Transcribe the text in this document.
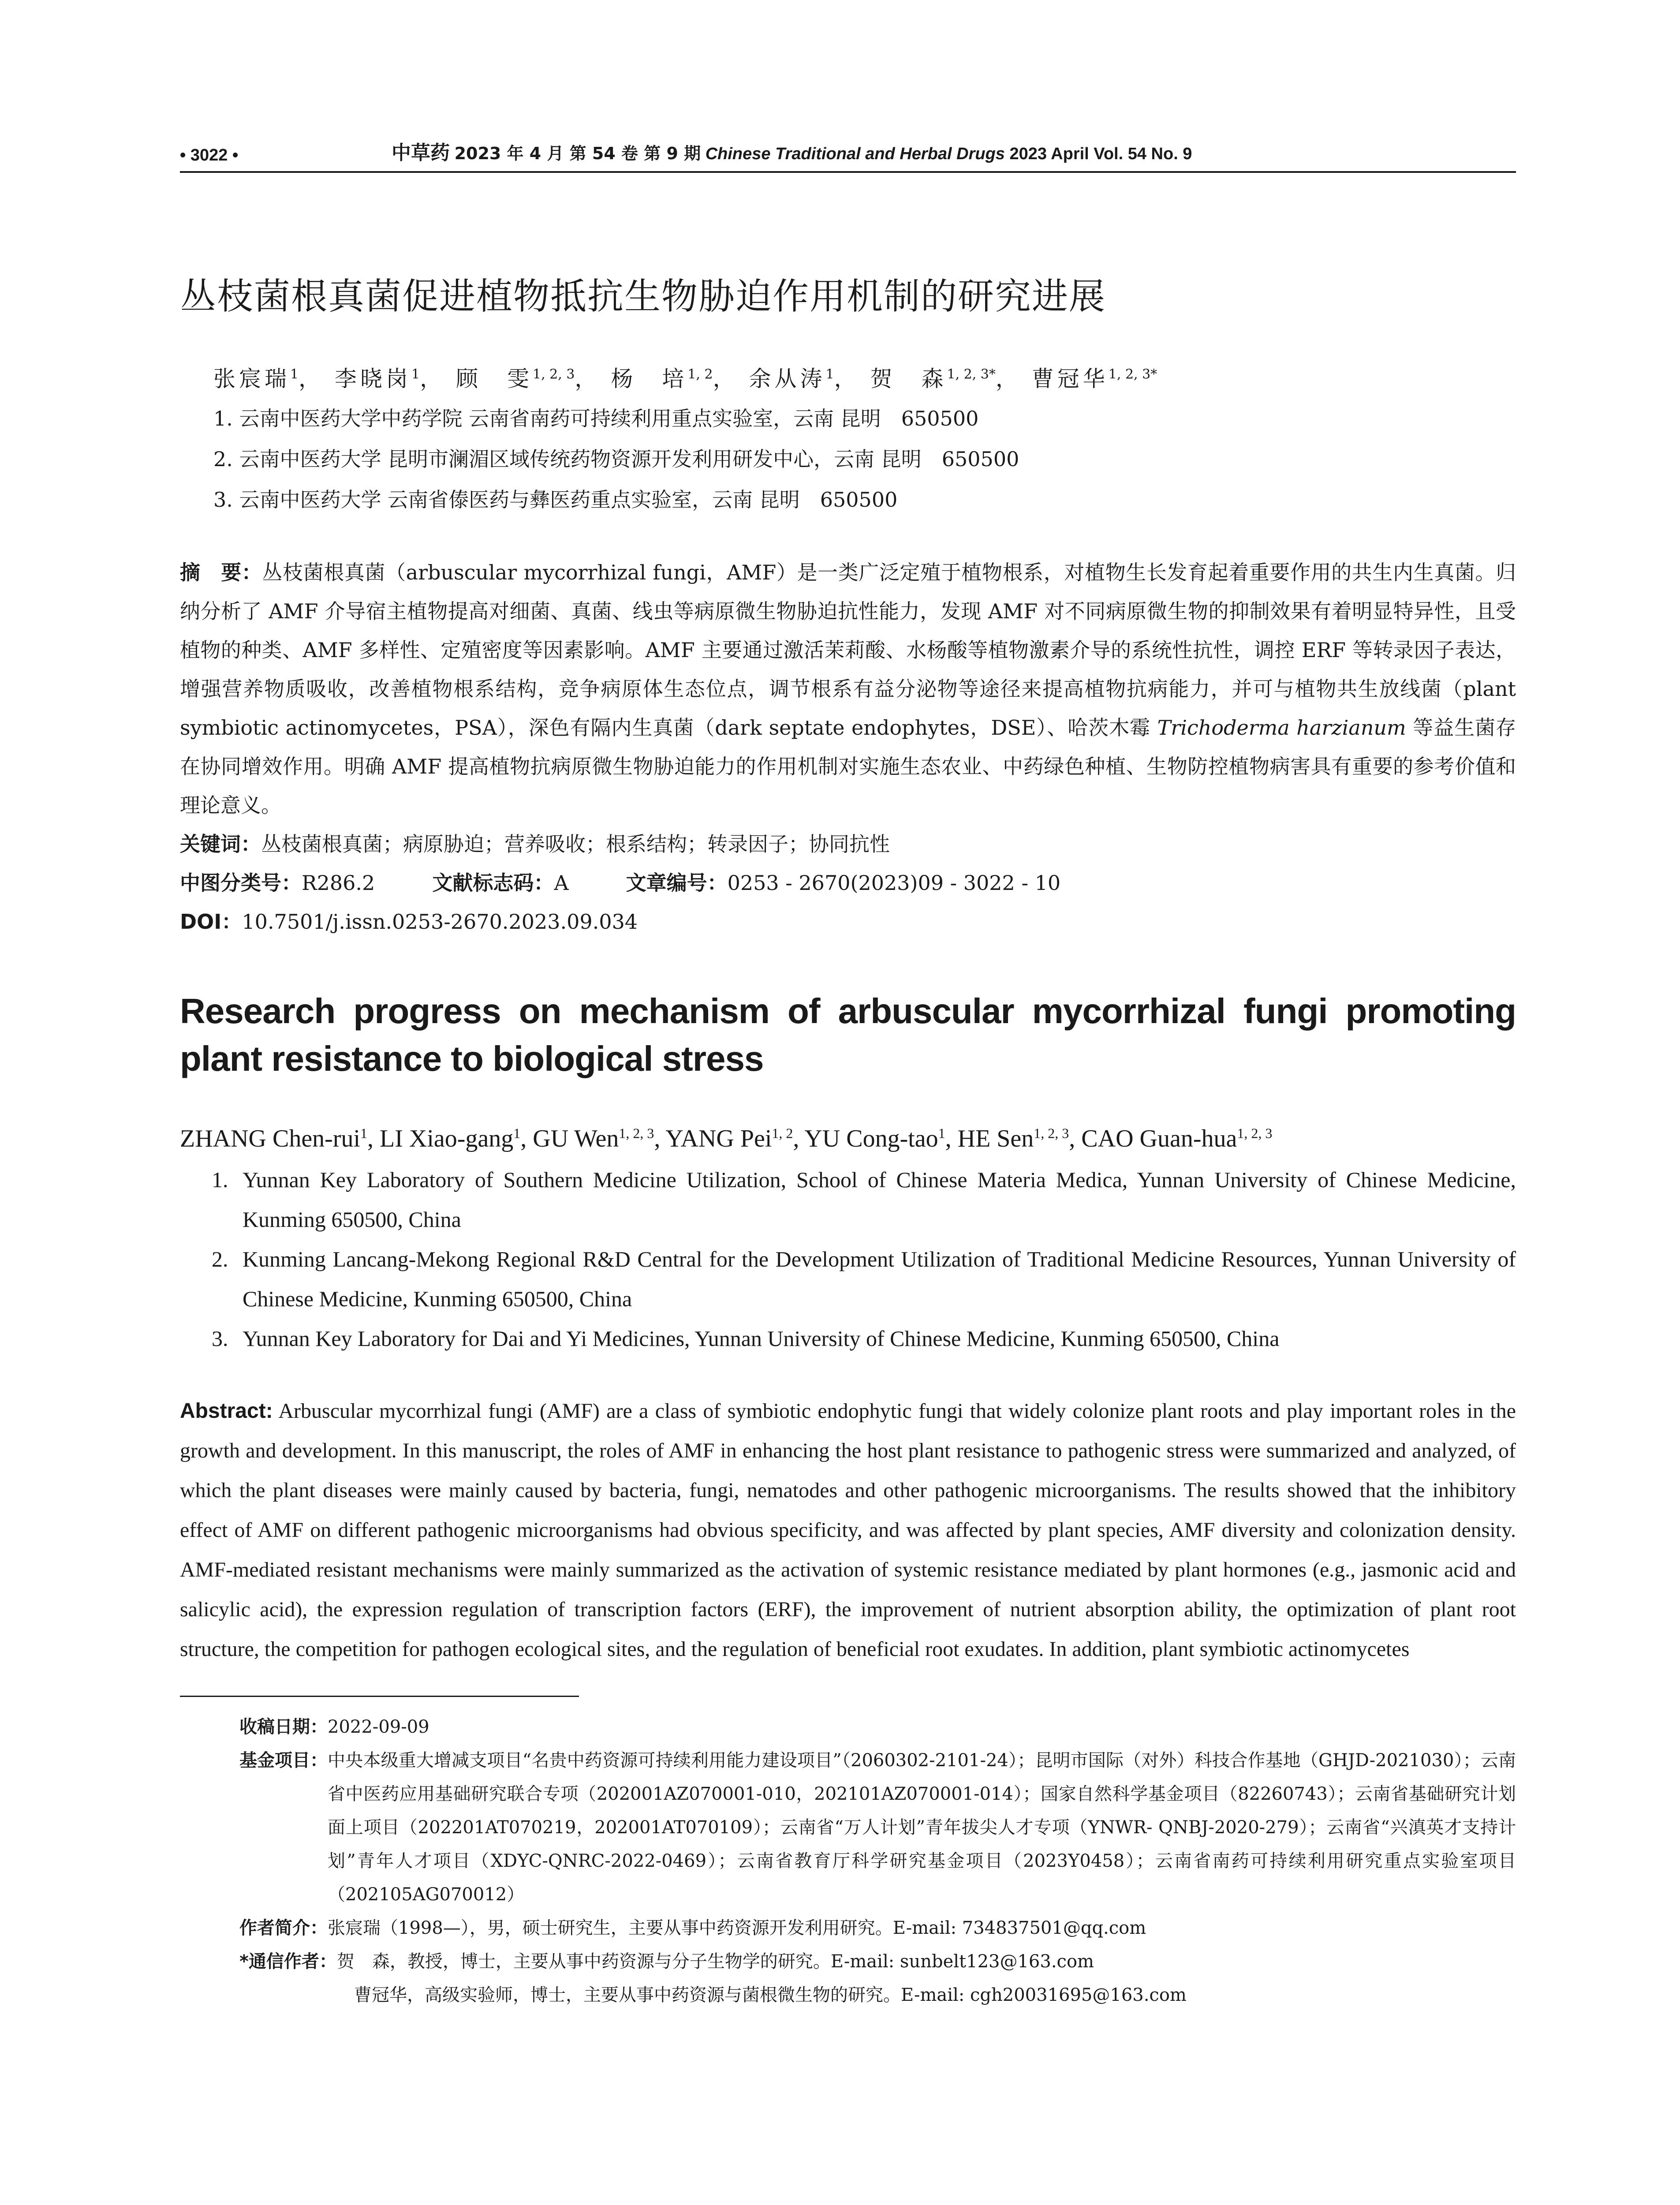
• 3022 •	中草药 2023 年 4 月 第 54 卷 第 9 期 Chinese Traditional and Herbal Drugs 2023 April Vol. 54 No. 9
丛枝菌根真菌促进植物抵抗生物胁迫作用机制的研究进展
张宸瑞$^1$， 李晓岗$^1$， 顾　雯$^{1, 2, 3}$， 杨　培$^{1, 2}$， 余从涛$^1$， 贺　森$^{1, 2, 3*}$， 曹冠华$^{1, 2, 3*}$
1. 云南中医药大学中药学院 云南省南药可持续利用重点实验室，云南 昆明　650500
2. 云南中医药大学 昆明市澜湄区域传统药物资源开发利用研发中心，云南 昆明　650500
3. 云南中医药大学 云南省傣医药与彝医药重点实验室，云南 昆明　650500
摘　要：丛枝菌根真菌（arbuscular mycorrhizal fungi，AMF）是一类广泛定殖于植物根系，对植物生长发育起着重要作用的共生内生真菌。归纳分析了 AMF 介导宿主植物提高对细菌、真菌、线虫等病原微生物胁迫抗性能力，发现 AMF 对不同病原微生物的抑制效果有着明显特异性，且受植物的种类、AMF 多样性、定殖密度等因素影响。AMF 主要通过激活茉莉酸、水杨酸等植物激素介导的系统性抗性，调控 ERF 等转录因子表达，增强营养物质吸收，改善植物根系结构，竞争病原体生态位点，调节根系有益分泌物等途径来提高植物抗病能力，并可与植物共生放线菌（plant symbiotic actinomycetes，PSA），深色有隔内生真菌（dark septate endophytes，DSE）、哈茨木霉 Trichoderma harzianum 等益生菌存在协同增效作用。明确 AMF 提高植物抗病原微生物胁迫能力的作用机制对实施生态农业、中药绿色种植、生物防控植物病害具有重要的参考价值和理论意义。
关键词：丛枝菌根真菌；病原胁迫；营养吸收；根系结构；转录因子；协同抗性
中图分类号：R286.2	文献标志码：A	文章编号：0253 - 2670(2023)09 - 3022 - 10
DOI：10.7501/j.issn.0253-2670.2023.09.034
Research progress on mechanism of arbuscular mycorrhizal fungi promoting plant resistance to biological stress
ZHANG Chen-rui$^1$, LI Xiao-gang$^1$, GU Wen$^{1, 2, 3}$, YANG Pei$^{1, 2}$, YU Cong-tao$^1$, HE Sen$^{1, 2, 3}$, CAO Guan-hua$^{1, 2, 3}$
1. Yunnan Key Laboratory of Southern Medicine Utilization, School of Chinese Materia Medica, Yunnan University of Chinese Medicine, Kunming 650500, China
2. Kunming Lancang-Mekong Regional R&D Central for the Development Utilization of Traditional Medicine Resources, Yunnan University of Chinese Medicine, Kunming 650500, China
3. Yunnan Key Laboratory for Dai and Yi Medicines, Yunnan University of Chinese Medicine, Kunming 650500, China
Abstract: Arbuscular mycorrhizal fungi (AMF) are a class of symbiotic endophytic fungi that widely colonize plant roots and play important roles in the growth and development. In this manuscript, the roles of AMF in enhancing the host plant resistance to pathogenic stress were summarized and analyzed, of which the plant diseases were mainly caused by bacteria, fungi, nematodes and other pathogenic microorganisms. The results showed that the inhibitory effect of AMF on different pathogenic microorganisms had obvious specificity, and was affected by plant species, AMF diversity and colonization density. AMF-mediated resistant mechanisms were mainly summarized as the activation of systemic resistance mediated by plant hormones (e.g., jasmonic acid and salicylic acid), the expression regulation of transcription factors (ERF), the improvement of nutrient absorption ability, the optimization of plant root structure, the competition for pathogen ecological sites, and the regulation of beneficial root exudates. In addition, plant symbiotic actinomycetes
收稿日期： 2022-09-09
基金项目： 中央本级重大增减支项目“名贵中药资源可持续利用能力建设项目”（2060302-2101-24）；昆明市国际（对外）科技合作基地（GHJD-2021030）；云南省中医药应用基础研究联合专项（202001AZ070001-010，202101AZ070001-014）；国家自然科学基金项目（82260743）；云南省基础研究计划面上项目（202201AT070219，202001AT070109）；云南省“万人计划”青年拔尖人才专项（YNWR- QNBJ-2020-279）；云南省“兴滇英才支持计划”青年人才项目（XDYC-QNRC-2022-0469）；云南省教育厅科学研究基金项目（2023Y0458）；云南省南药可持续利用研究重点实验室项目（202105AG070012）
作者简介： 张宸瑞（1998—），男，硕士研究生，主要从事中药资源开发利用研究。E-mail: 734837501@qq.com
*通信作者： 贺　森，教授，博士，主要从事中药资源与分子生物学的研究。E-mail: sunbelt123@163.com
曹冠华，高级实验师，博士，主要从事中药资源与菌根微生物的研究。E-mail: cgh20031695@163.com
